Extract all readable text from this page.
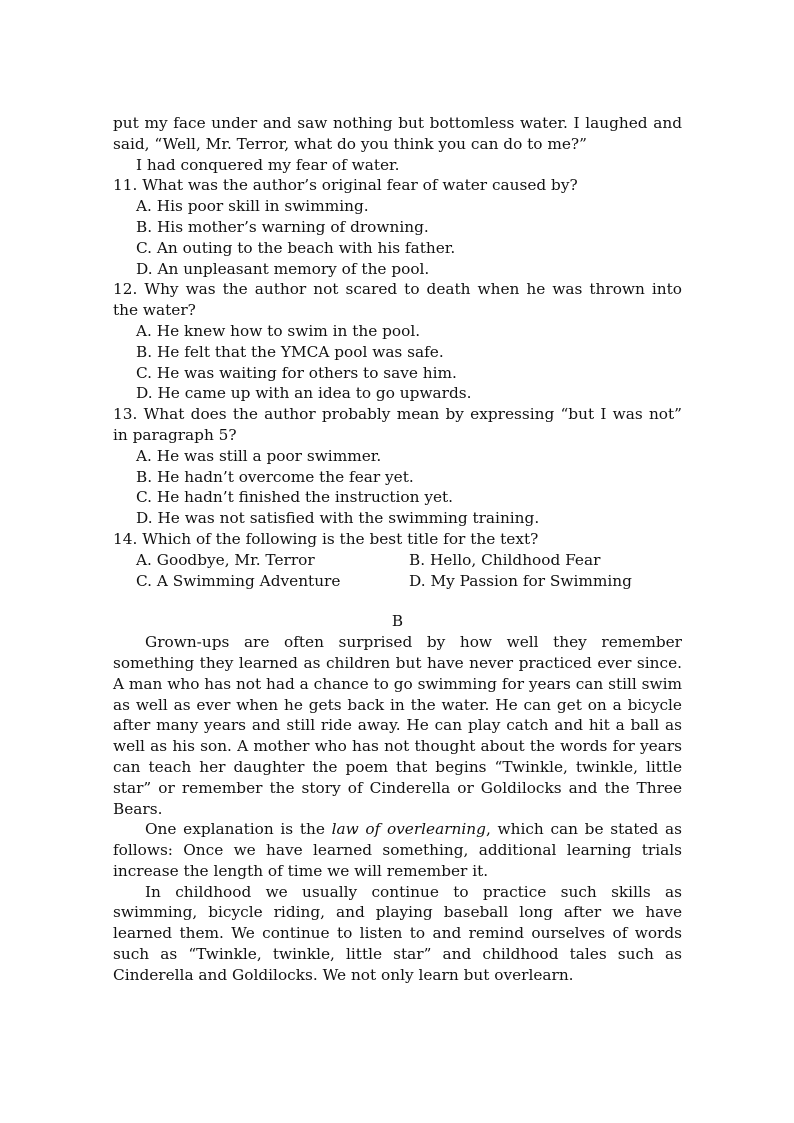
put my face under and saw nothing but bottomless water. I laughed and said, “Well, Mr. Terror, what do you think you can do to me?”

I had conquered my fear of water.

11. What was the author’s original fear of water caused by?

A. His poor skill in swimming.

B. His mother’s warning of drowning.

C. An outing to the beach with his father.

D. An unpleasant memory of the pool.

12. Why was the author not scared to death when he was thrown into the water?

A. He knew how to swim in the pool.

B. He felt that the YMCA pool was safe.

C. He was waiting for others to save him.

D. He came up with an idea to go upwards.

13. What does the author probably mean by expressing “but I was not” in paragraph 5?

A. He was still a poor swimmer.

B. He hadn’t overcome the fear yet.

C. He hadn’t finished the instruction yet.

D. He was not satisfied with the swimming training.

14. Which of the following is the best title for the text?

A. Goodbye, Mr. Terror	B. Hello, Childhood Fear
C. A Swimming Adventure	D. My Passion for Swimming

B

Grown-ups are often surprised by how well they remember something they learned as children but have never practiced ever since. A man who has not had a chance to go swimming for years can still swim as well as ever when he gets back in the water. He can get on a bicycle after many years and still ride away. He can play catch and hit a ball as well as his son. A mother who has not thought about the words for years can teach her daughter the poem that begins “Twinkle, twinkle, little star” or remember the story of Cinderella or Goldilocks and the Three Bears.

One explanation is the law of overlearning, which can be stated as follows: Once we have learned something, additional learning trials increase the length of time we will remember it.

In childhood we usually continue to practice such skills as swimming, bicycle riding, and playing baseball long after we have learned them. We continue to listen to and remind ourselves of words such as “Twinkle, twinkle, little star” and childhood tales such as Cinderella and Goldilocks. We not only learn but overlearn.
